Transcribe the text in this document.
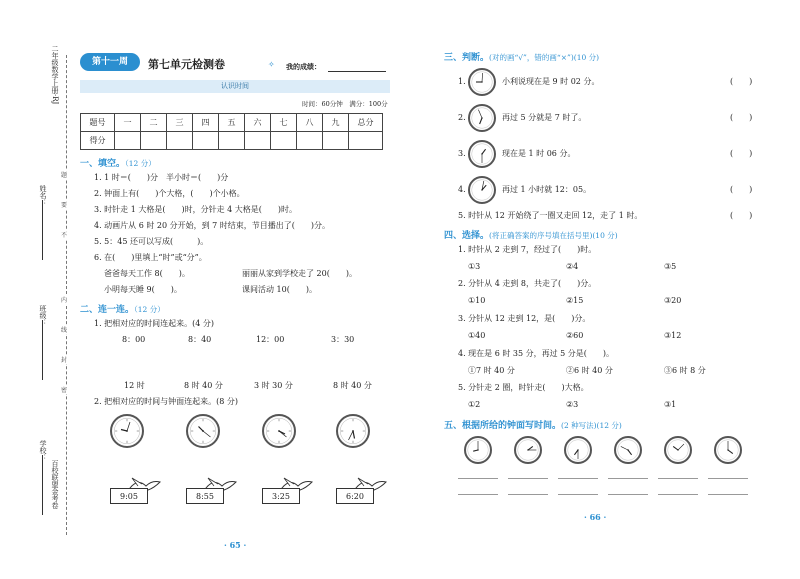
二年级数学上册·RJ
姓名：
班级：
学校：
百校联盟金考卷
题
要
不
内
线
封
密
第十一周	第七单元检测卷	✧ 我的成绩：
认识时间
时间：60分钟　满分：100分
题号	一	二	三	四	五	六	七	八	九	总分
得分										
一、填空。（12 分）
1. 1 时＝(　　)分　半小时＝(　　)分
2. 钟面上有(　　)个大格，(　　)个小格。
3. 时针走 1 大格是(　　)时，分针走 4 大格是(　　)时。
4. 动画片从 6 时 20 分开始，到 7 时结束，节目播出了(　　)分。
5. 5：45 还可以写成(　　　)。
6. 在(　　)里填上“时”或“分”。
爸爸每天工作 8(　　)。	丽丽从家到学校走了 20(　　)。
小明每天睡 9(　　)。	课间活动 10(　　)。
二、连一连。（12 分）
1. 把相对应的时间连起来。(4 分)
8：00	8：40	12：00	3：30
12 时	8 时 40 分	3 时 30 分	8 时 40 分
2. 把相对应的时间与钟面连起来。(8 分)
9:05	8:55	3:25	6:20
· 65 ·
三、判断。(对的画“√”，错的画“×”)(10 分)
1.	小利说现在是 9 时 02 分。	(　　)
2.	再过 5 分就是 7 时了。	(　　)
3.	现在是 1 时 06 分。	(　　)
4.	再过 1 小时就 12：05。	(　　)
5. 时针从 12 开始绕了一圈又走回 12，走了 1 时。	(　　)
四、选择。(将正确答案的序号填在括号里)(10 分)
1. 时针从 2 走到 7，经过了(　　)时。
①3	②4	③5
2. 分针从 4 走到 8，共走了(　　)分。
①10	②15	③20
3. 分针从 12 走到 12，是(　　)分。
①40	②60	③12
4. 现在是 6 时 35 分，再过 5 分是(　　)。
①7 时 40 分	②6 时 40 分	③6 时 8 分
5. 分针走 2 圈，时针走(　　)大格。
①2	②3	③1
五、根据所给的钟面写时间。(2 种写法)(12 分)
· 66 ·
